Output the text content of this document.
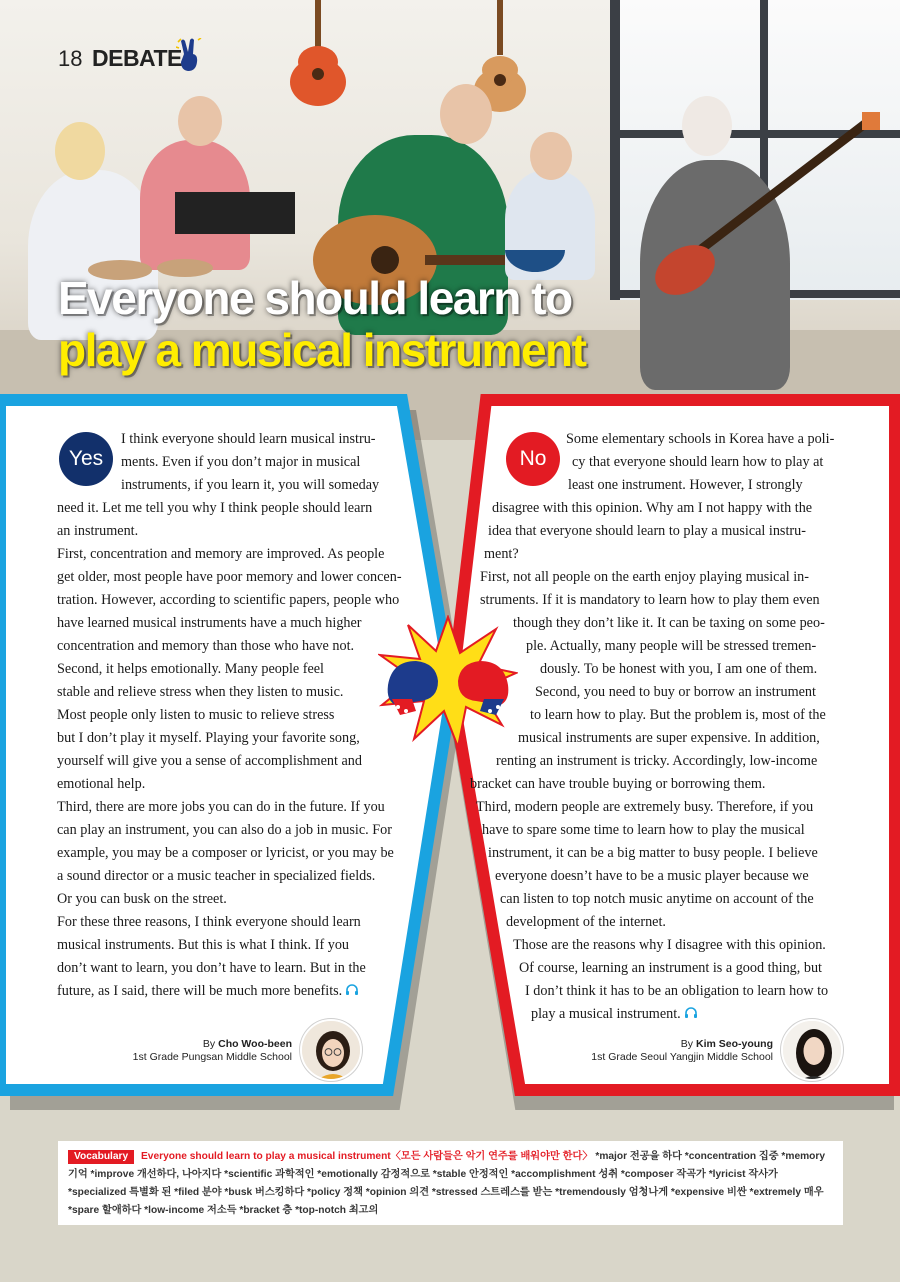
18 DEBATE
Everyone should learn to
play a musical instrument
Yes

I think everyone should learn musical instru-

ments. Even if you don’t major in musical

instruments, if you learn it, you will someday

need it. Let me tell you why I think people should learn

an instrument.

First, concentration and memory are improved. As people

get older, most people have poor memory and lower concen-

tration. However, according to scientific papers, people who

have learned musical instruments have a much higher

concentration and memory than those who have not.

Second, it helps emotionally. Many people feel

stable and relieve stress when they listen to music.

Most people only listen to music to relieve stress

but I don’t play it myself. Playing your favorite song,

yourself will give you a sense of accomplishment and

emotional help.

Third, there are more jobs you can do in the future. If you

can play an instrument, you can also do a job in music. For

example, you may be a composer or lyricist, or you may be

a sound director or a music teacher in specialized fields.

Or you can busk on the street.

For these three reasons, I think everyone should learn

musical instruments. But this is what I think. If you

don’t want to learn, you don’t have to learn. But in the

future, as I said, there will be much more benefits.

By Cho Woo-been
1st Grade Pungsan Middle School
No

Some elementary schools in Korea have a poli-

cy that everyone should learn how to play at

least one instrument. However, I strongly

disagree with this opinion. Why am I not happy with the

idea that everyone should learn to play a musical instru-

ment?

First, not all people on the earth enjoy playing musical in-

struments. If it is mandatory to learn how to play them even

though they don’t like it. It can be taxing on some peo-

ple. Actually, many people will be stressed tremen-

dously. To be honest with you, I am one of them.

Second, you need to buy or borrow an instrument

to learn how to play. But the problem is, most of the

musical instruments are super expensive. In addition,

renting an instrument is tricky. Accordingly, low-income

bracket can have trouble buying or borrowing them.

Third, modern people are extremely busy. Therefore, if you

have to spare some time to learn how to play the musical

instrument, it can be a big matter to busy people. I believe

everyone doesn’t have to be a music player because we

can listen to top notch music anytime on account of the

development of the internet.

Those are the reasons why I disagree with this opinion.

Of course, learning an instrument is a good thing, but

I don’t think it has to be an obligation to learn how to

play a musical instrument.

By Kim Seo-young
1st Grade Seoul Yangjin Middle School
Vocabulary Everyone should learn to play a musical instrument〈모든 사람들은 악기 연주를 배워야만 한다〉 *major 전공을 하다 *concentration 집중 *memory 기억 *improve 개선하다, 나아지다 *scientific 과학적인 *emotionally 감정적으로 *stable 안정적인 *accomplishment 성취 *composer 작곡가 *lyricist 작사가 *specialized 특별화 된 *filed 분야 *busk 버스킹하다 *policy 정책 *opinion 의견 *stressed 스트레스를 받는 *tremendously 엄청나게 *expensive 비싼 *extremely 매우 *spare 할애하다 *low-income 저소득 *bracket 층 *top-notch 최고의
